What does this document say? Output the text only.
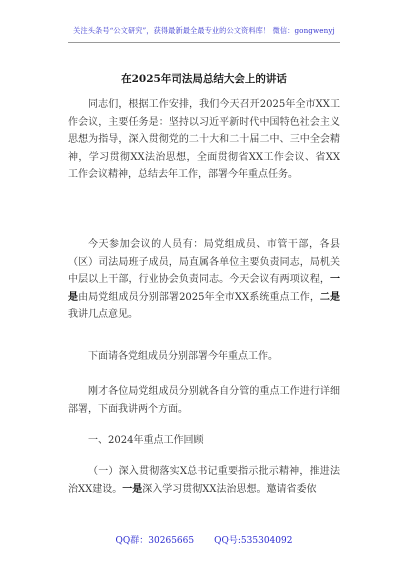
关注头条号“公文研究”，获得最新最全最专业的公文资料库！ 微信：gongwenyj
在2025年司法局总结大会上的讲话

同志们，根据工作安排，我们今天召开2025年全市XX工作会议，主要任务是：坚持以习近平新时代中国特色社会主义思想为指导，深入贯彻党的二十大和二十届二中、三中全会精神，学习贯彻XX法治思想，全面贯彻省XX工作会议、省XX工作会议精神，总结去年工作，部署今年重点任务。

今天参加会议的人员有：局党组成员、市管干部，各县（区）司法局班子成员，局直属各单位主要负责同志，局机关中层以上干部，行业协会负责同志。今天会议有两项议程，一是由局党组成员分别部署2025年全市XX系统重点工作，二是我讲几点意见。

下面请各党组成员分别部署今年重点工作。

刚才各位局党组成员分别就各自分管的重点工作进行详细部署，下面我讲两个方面。

一、2024年重点工作回顾

（一）深入贯彻落实X总书记重要指示批示精神，推进法治XX建设。一是深入学习贯彻XX法治思想。邀请省委依

QQ群：30265665 QQ号:535304092
